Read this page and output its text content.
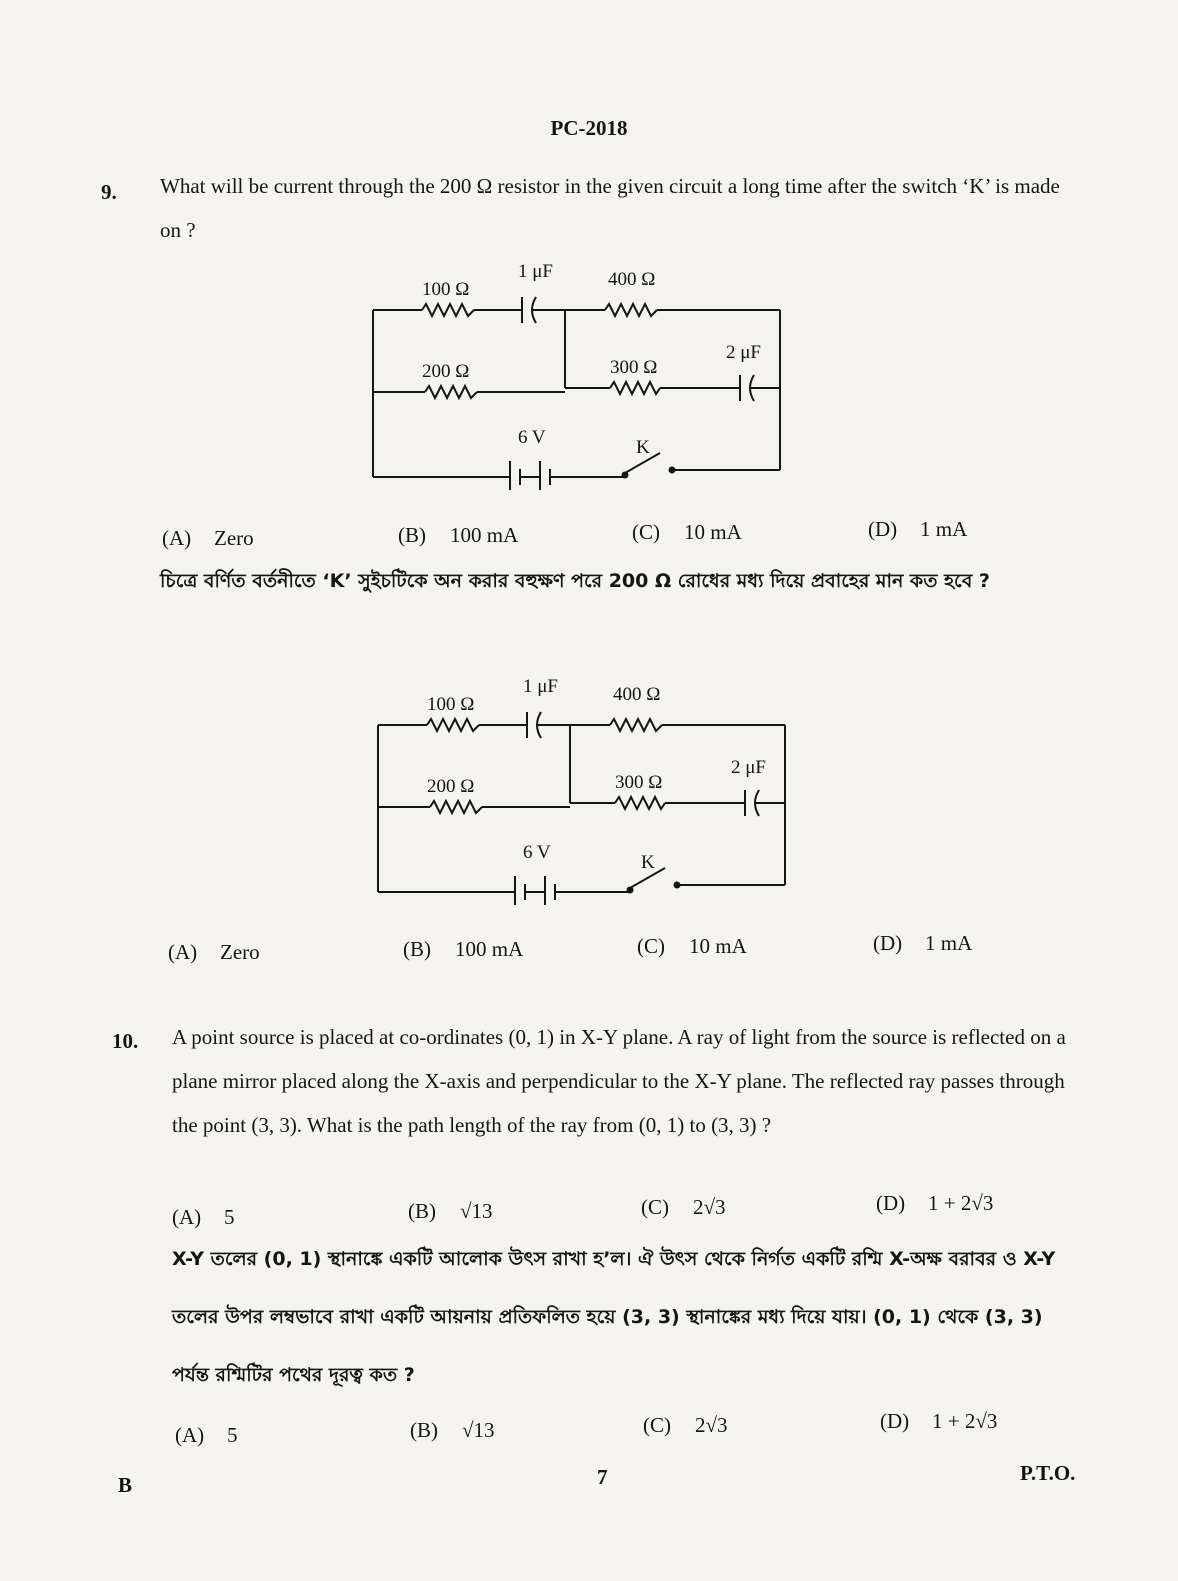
PC-2018
9. What will be current through the 200 Ω resistor in the given circuit a long time after the switch ‘K’ is made on ?
100 Ω
1 μF	400 Ω
200 Ω	300 Ω
2 μF
6 V	K
(A) Zero	(B) 100 mA	(C) 10 mA	(D) 1 mA
চিত্রে বর্ণিত বর্তনীতে ‘K’ সুইচটিকে অন করার বহুক্ষণ পরে 200 Ω রোধের মধ্য দিয়ে প্রবাহের মান কত হবে ?
100 Ω
1 μF	400 Ω
200 Ω	300 Ω
2 μF
6 V	K
(A) Zero	(B) 100 mA	(C) 10 mA	(D) 1 mA
10. A point source is placed at co-ordinates (0, 1) in X-Y plane. A ray of light from the source is reflected on a plane mirror placed along the X-axis and perpendicular to the X-Y plane. The reflected ray passes through the point (3, 3). What is the path length of the ray from (0, 1) to (3, 3) ?
(A) 5	(B) √13	(C) 2√3	(D) 1 + 2√3
X-Y তলের (0, 1) স্থানাঙ্কে একটি আলোক উৎস রাখা হ’ল। ঐ উৎস থেকে নির্গত একটি রশ্মি X-অক্ষ বরাবর ও X-Y তলের উপর লম্বভাবে রাখা একটি আয়নায় প্রতিফলিত হয়ে (3, 3) স্থানাঙ্কের মধ্য দিয়ে যায়। (0, 1) থেকে (3, 3) পর্যন্ত রশ্মিটির পথের দূরত্ব কত ?
(A) 5	(B) √13	(C) 2√3	(D) 1 + 2√3
B	7	P.T.O.
